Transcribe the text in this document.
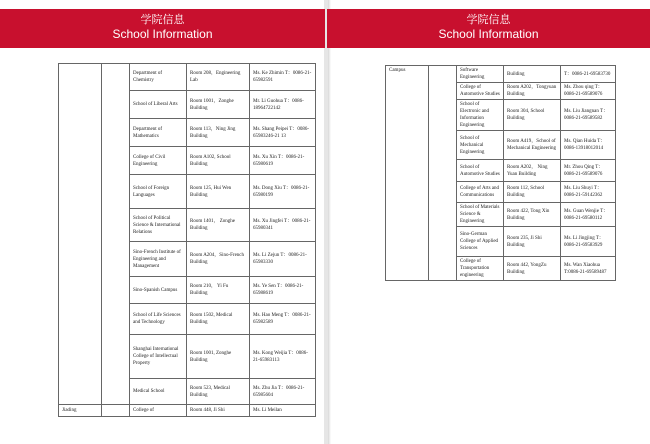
学院信息
School Information
学院信息
School Information
		Department of Chemistry	Room 208，Engineering Lab	Ms. Ke Zhimin T：0086-21-65982591
		School of Liberal Arts	Room 1001，Zonghe Building	Mr. Li Guohua T：0086-18964722142
		Department of Mathematics	Room 113，Ning Jing Building	Ms. Shang Peipei T：0086-65983246-21 13
		College of Civil Engineering	Room A102, School Building	Ms. Xu Xin T：0086-21-65980619
		School of Foreign Languages	Room 125, Hui Wen Building	Ms. Dong Xiu T：0086-21-65980199
		School of Political Science & International Relations	Room 1401， Zonghe Building	Ms. Xu Jingfei T：0086-21-65980341
		Sino-French Institute of Engineering and Management	Room A204，Sino-French Building	Ms. Li Zejun T：0086-21-65983330
		Sino-Spanish Campus	Room 210， Yi Fu Building	Ms. Ye Sen T：0086-21-65988619
		School of Life Sciences and Technology	Room 1502, Medical Building	Ms. Hao Meng T：0086-21-65982589
		Shanghai International College of Intellectual Property	Room 1001, Zonghe Building	Ms. Kong Weijia T：0086-21-65983113
		Medical School	Room 523, Medical Building	Ms. Zhu Jia T：0086-21-65985604
Jiading		College of	Room 448, Ji Shi	Ms. Li Meilan
Campus		Software Engineering	Building	T：0086-21-69583730
		College of Automotive Studies	Room A202，Tongyuan Building	Ms. Zhou qing T：0086-21-69589076
		School of Electronic and Information Engineering	Room 304, School Building	Ms. Liu Jiangnan T：0086-21-69589582
		School of Mechanical Engineering	Room A419，School of Mechanical Engineering	Ms. Qian Huida T：0086-13918012014
		School of Automotive Studies	Room A202， Ning Yuan Building	Mr. Zhou Qing T：0086-21-69589076
		College of Arts and Communications	Room 112, School Building	Ms. Liu Shuyi T：0086-21-59142362
		School of Materials Science & Engineering	Room 422, Tong Xin Building	Ms. Guan Wenjie T：0086-21-69580112
		Sino-German College of Applied Sciences	Room 235, Ji Shi Building	Ms. Li Jingjing T：0086-21-69583929
		College of Transportation engineering	Room 442, YongZu Building	Ms. Wan Xiaohua T:0086-21-69589487
